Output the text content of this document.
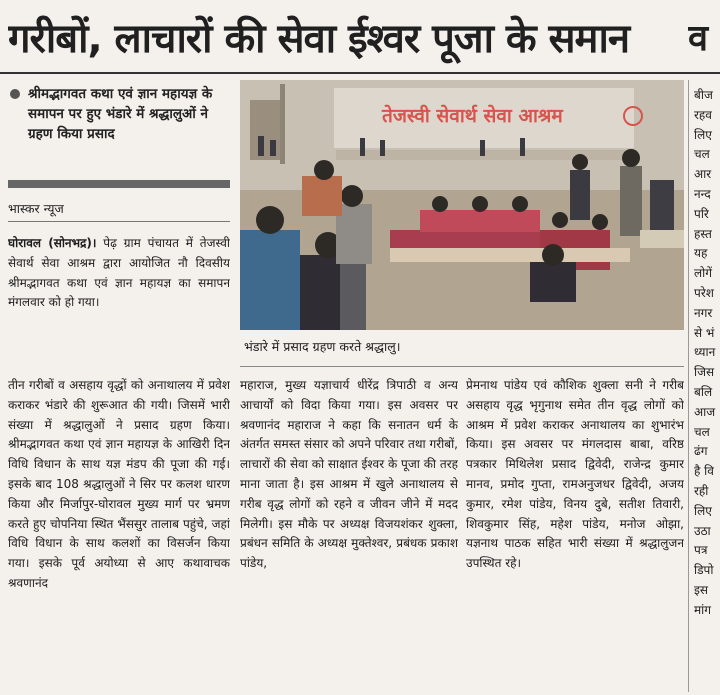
गरीबों, लाचारों की सेवा ईश्वर पूजा के समान	व

श्रीमद्भागवत कथा एवं ज्ञान महायज्ञ के समापन पर हुए भंडारे में श्रद्धालुओं ने ग्रहण किया प्रसाद

भास्कर न्यूज
घोरावल (सोनभद्र)। पेढ़ ग्राम पंचायत में तेजस्वी सेवार्थ सेवा आश्रम द्वारा आयोजित नौ दिवसीय श्रीमद्भागवत कथा एवं ज्ञान महायज्ञ का समापन मंगलवार को हो गया।
तेजस्वी सेवार्थ सेवा आश्रम
भंडारे में प्रसाद ग्रहण करते श्रद्धालु।
तीन गरीबों व असहाय वृद्धों को अनाथालय में प्रवेश कराकर भंडारे की शुरूआत की गयी। जिसमें भारी संख्या में श्रद्धालुओं ने प्रसाद ग्रहण किया। श्रीमद्भागवत कथा एवं ज्ञान महायज्ञ के आखिरी दिन विधि विधान के साथ यज्ञ मंडप की पूजा की गई। इसके बाद 108 श्रद्धालुओं ने सिर पर कलश धारण किया और मिर्जापुर-घोरावल मुख्य मार्ग पर भ्रमण करते हुए चोपनिया स्थित भैंससुर तालाब पहुंचे, जहां विधि विधान के साथ कलशों का विसर्जन किया गया। इसके पूर्व अयोध्या से आए कथावाचक श्रवणानंद
महाराज, मुख्य यज्ञाचार्य धीरेंद्र त्रिपाठी व अन्य आचार्यों को विदा किया गया। इस अवसर पर श्रवणानंद महाराज ने कहा कि सनातन धर्म के अंतर्गत समस्त संसार को अपने परिवार तथा गरीबों, लाचारों की सेवा को साक्षात ईश्वर के पूजा की तरह माना जाता है। इस आश्रम में खुले अनाथालय से गरीब वृद्ध लोगों को रहने व जीवन जीने में मदद मिलेगी। इस मौके पर अध्यक्ष विजयशंकर शुक्ला, प्रबंधन समिति के अध्यक्ष मुक्तेश्वर, प्रबंधक प्रकाश पांडेय,
प्रेमनाथ पांडेय एवं कौशिक शुक्ला सनी ने गरीब असहाय वृद्ध भृगुनाथ समेत तीन वृद्ध लोगों को आश्रम में प्रवेश कराकर अनाथालय का शुभारंभ किया। इस अवसर पर मंगलदास बाबा, वरिष्ठ पत्रकार मिथिलेश प्रसाद द्विवेदी, राजेन्द्र कुमार मानव, प्रमोद गुप्ता, रामअनुजधर द्विवेदी, अजय कुमार, रमेश पांडेय, विनय दुबे, सतीश तिवारी, शिवकुमार सिंह, महेश पांडेय, मनोज ओझा, यज्ञनाथ पाठक सहित भारी संख्या में श्रद्धालुजन उपस्थित रहे।
बीज
रहव
लिए
चल
आर
नन्द
परि
हस्त
यह
लोगें
परेश
नगर
से भं
ध्यान
जिस
बलि
आज
चल
ढंग
है वि
रही
लिए
उठा
पत्र
डिपो
इस
मांग
